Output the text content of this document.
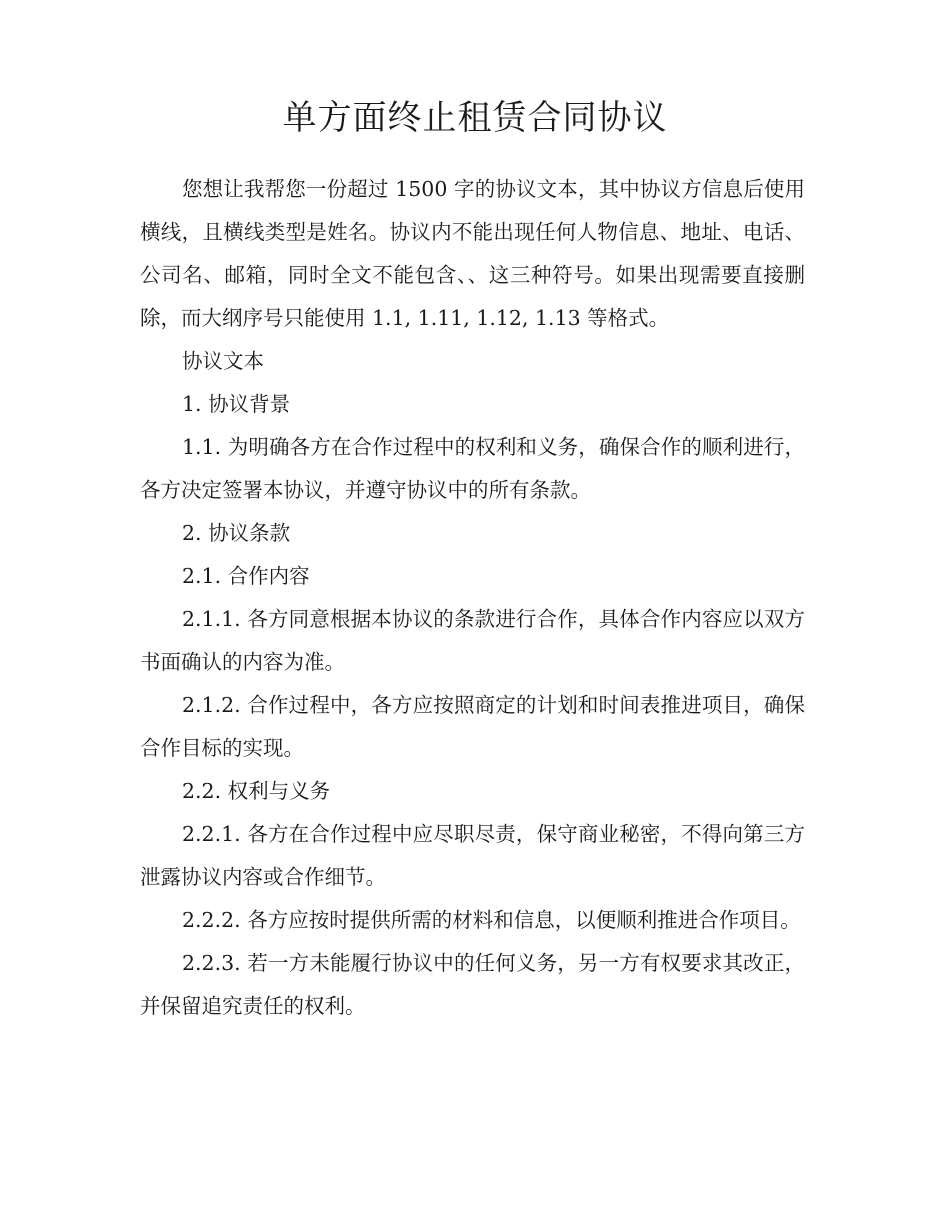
单方面终止租赁合同协议

您想让我帮您一份超过 1500 字的协议文本，其中协议方信息后使用横线，且横线类型是姓名。协议内不能出现任何人物信息、地址、电话、公司名、邮箱，同时全文不能包含、、这三种符号。如果出现需要直接删除，而大纲序号只能使用 1.1, 1.11, 1.12, 1.13 等格式。

协议文本

1. 协议背景

1.1. 为明确各方在合作过程中的权利和义务，确保合作的顺利进行，各方决定签署本协议，并遵守协议中的所有条款。

2. 协议条款

2.1. 合作内容

2.1.1. 各方同意根据本协议的条款进行合作，具体合作内容应以双方书面确认的内容为准。

2.1.2. 合作过程中，各方应按照商定的计划和时间表推进项目，确保合作目标的实现。

2.2. 权利与义务

2.2.1. 各方在合作过程中应尽职尽责，保守商业秘密，不得向第三方泄露协议内容或合作细节。

2.2.2. 各方应按时提供所需的材料和信息，以便顺利推进合作项目。

2.2.3. 若一方未能履行协议中的任何义务，另一方有权要求其改正，并保留追究责任的权利。
